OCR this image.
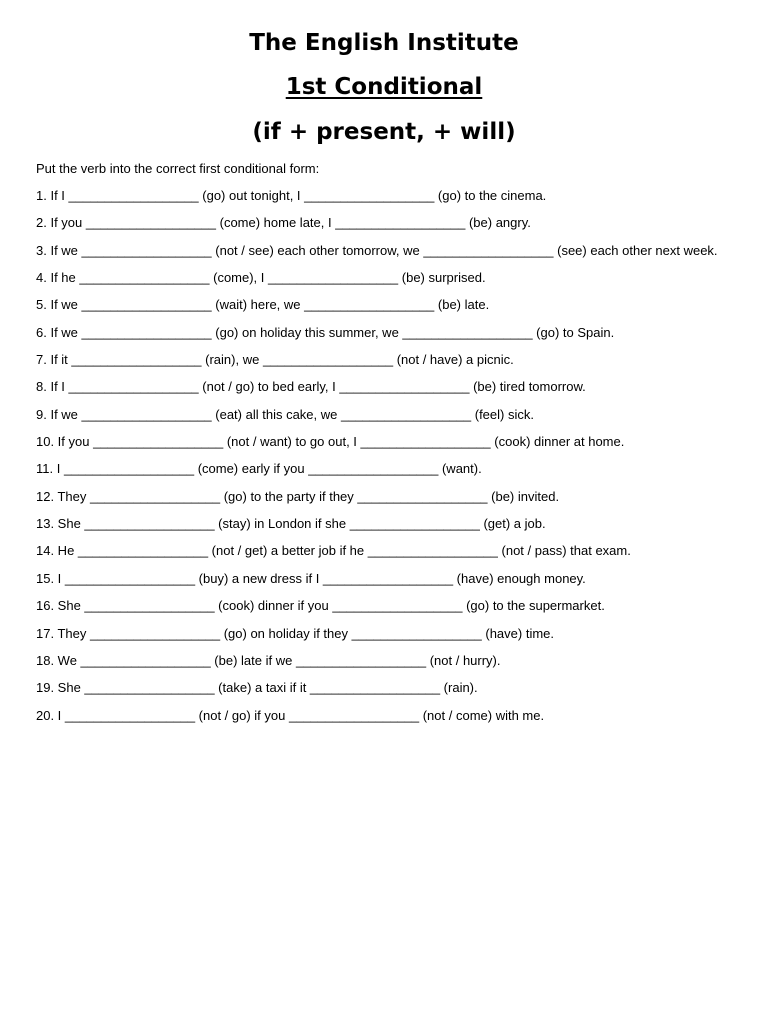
The English Institute
1st Conditional
(if + present, + will)
Put the verb into the correct first conditional form:
1. If I __________________ (go) out tonight, I __________________ (go) to the cinema.
2. If you __________________ (come) home late, I __________________ (be) angry.
3. If we __________________ (not / see) each other tomorrow, we __________________ (see) each other next week.
4. If he __________________ (come), I __________________ (be) surprised.
5. If we __________________ (wait) here, we __________________ (be) late.
6. If we __________________ (go) on holiday this summer, we __________________ (go) to Spain.
7. If it __________________ (rain), we __________________ (not / have) a picnic.
8. If I __________________ (not / go) to bed early, I __________________ (be) tired tomorrow.
9. If we __________________ (eat) all this cake, we __________________ (feel) sick.
10. If you __________________ (not / want) to go out, I __________________ (cook) dinner at home.
11. I __________________ (come) early if you __________________ (want).
12. They __________________ (go) to the party if they __________________ (be) invited.
13. She __________________ (stay) in London if she __________________ (get) a job.
14. He __________________ (not / get) a better job if he __________________ (not / pass) that exam.
15. I __________________ (buy) a new dress if I __________________ (have) enough money.
16. She __________________ (cook) dinner if you __________________ (go) to the supermarket.
17. They __________________ (go) on holiday if they __________________ (have) time.
18. We __________________ (be) late if we __________________ (not / hurry).
19. She __________________ (take) a taxi if it __________________ (rain).
20. I __________________ (not / go) if you __________________ (not / come) with me.
